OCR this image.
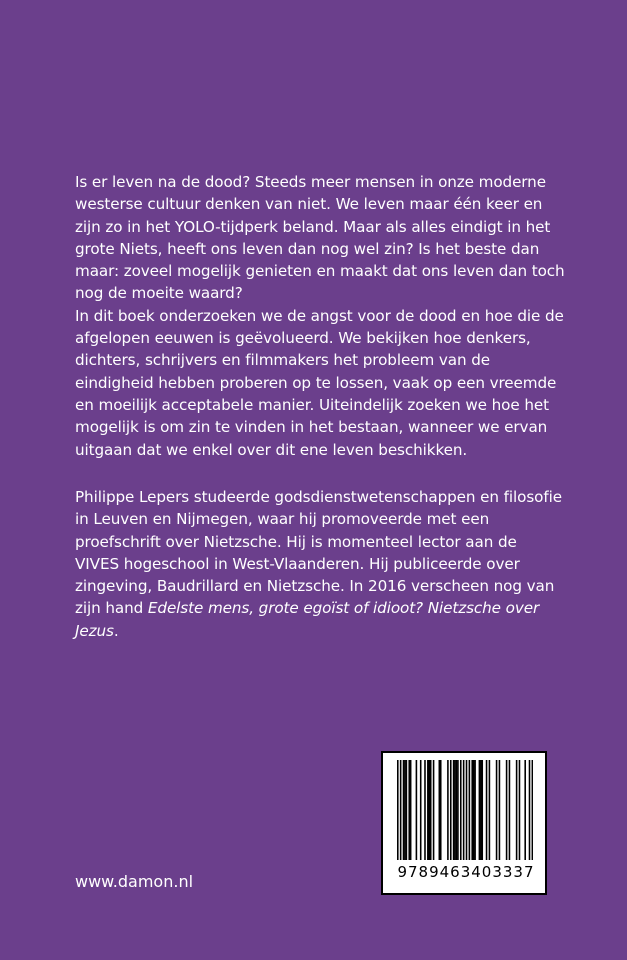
Is er leven na de dood? Steeds meer mensen in onze moderne westerse cultuur denken van niet. We leven maar één keer en zijn zo in het YOLO-tijdperk beland. Maar als alles eindigt in het grote Niets, heeft ons leven dan nog wel zin? Is het beste dan maar: zoveel mogelijk genieten en maakt dat ons leven dan toch nog de moeite waard?

In dit boek onderzoeken we de angst voor de dood en hoe die de afgelopen eeuwen is geëvolueerd. We bekijken hoe denkers, dichters, schrijvers en filmmakers het probleem van de eindigheid hebben proberen op te lossen, vaak op een vreemde en moeilijk acceptabele manier. Uiteindelijk zoeken we hoe het mogelijk is om zin te vinden in het bestaan, wanneer we ervan uitgaan dat we enkel over dit ene leven beschikken.

Philippe Lepers studeerde godsdienstwetenschappen en filosofie in Leuven en Nijmegen, waar hij promoveerde met een proefschrift over Nietzsche. Hij is momenteel lector aan de VIVES hogeschool in West-Vlaanderen. Hij publiceerde over zingeving, Baudrillard en Nietzsche. In 2016 verscheen nog van zijn hand Edelste mens, grote egoïst of idioot? Nietzsche over Jezus.

www.damon.nl	9789463403337
